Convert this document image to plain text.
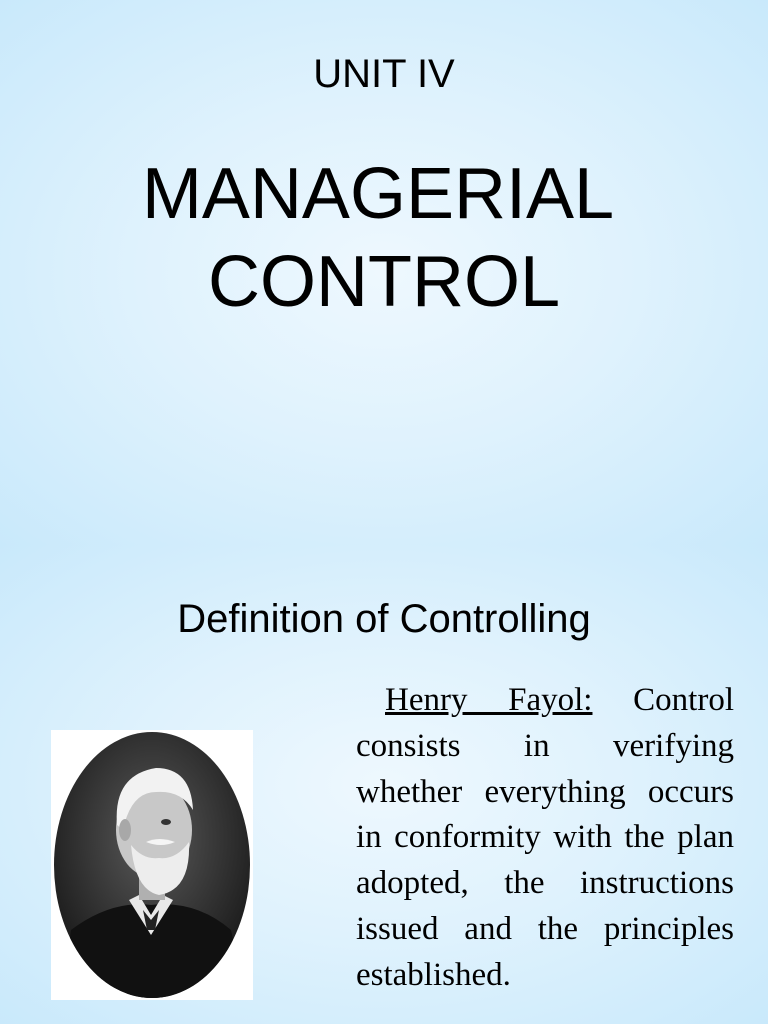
UNIT IV
MANAGERIAL
CONTROL
Definition of Controlling
Henry Fayol: Control consists in verifying whether everything occurs in conformity with the plan adopted, the instructions issued and the principles established.
